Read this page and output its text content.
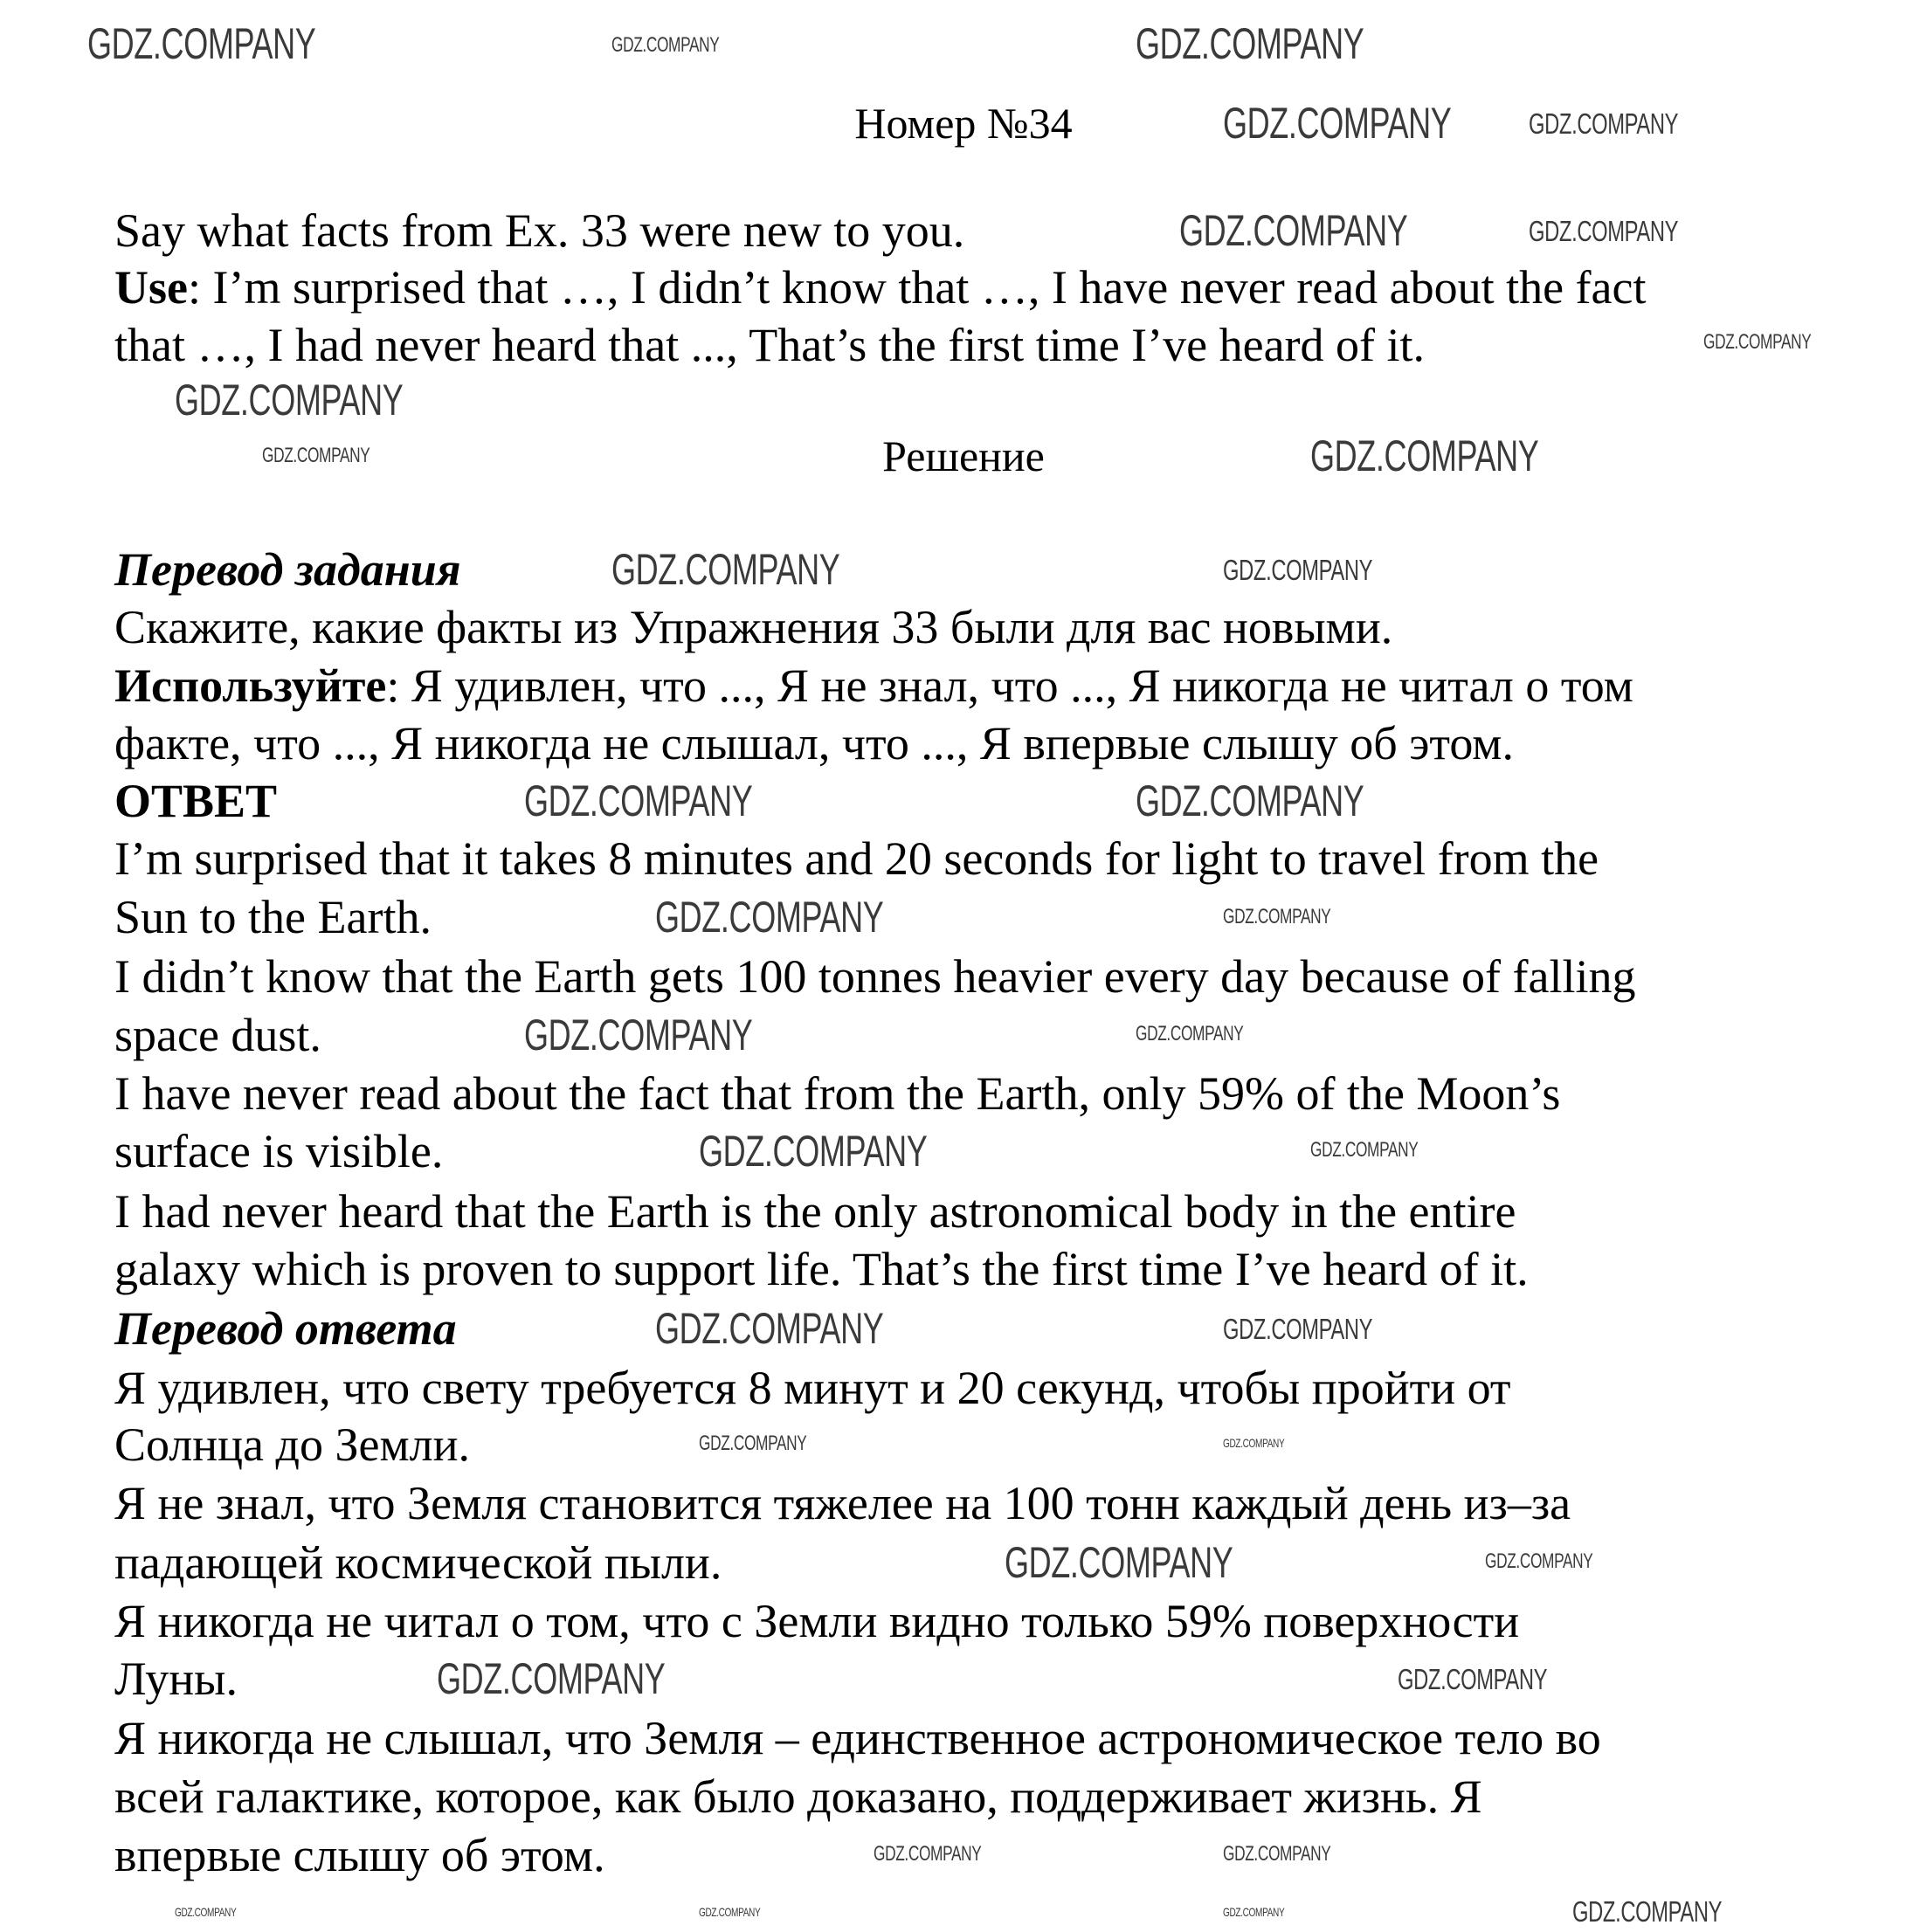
Номер №34
Say what facts from Ex. 33 were new to you.
Use: I’m surprised that …, I didn’t know that …, I have never read about the fact
that …, I had never heard that ..., That’s the first time I’ve heard of it.
Решение
Перевод задания
Скажите, какие факты из Упражнения 33 были для вас новыми.
Используйте: Я удивлен, что ..., Я не знал, что ..., Я никогда не читал о том
факте, что ..., Я никогда не слышал, что ..., Я впервые слышу об этом.
ОТВЕТ
I’m surprised that it takes 8 minutes and 20 seconds for light to travel from the
Sun to the Earth.
I didn’t know that the Earth gets 100 tonnes heavier every day because of falling
space dust.
I have never read about the fact that from the Earth, only 59% of the Moon’s
surface is visible.
I had never heard that the Earth is the only astronomical body in the entire
galaxy which is proven to support life. That’s the first time I’ve heard of it.
Перевод ответа
Я удивлен, что свету требуется 8 минут и 20 секунд, чтобы пройти от
Солнца до Земли.
Я не знал, что Земля становится тяжелее на 100 тонн каждый день из–за
падающей космической пыли.
Я никогда не читал о том, что с Земли видно только 59% поверхности
Луны.
Я никогда не слышал, что Земля – единственное астрономическое тело во
всей галактике, которое, как было доказано, поддерживает жизнь. Я
впервые слышу об этом.
GDZ.COMPANY	GDZ.COMPANY
GDZ.COMPANY
GDZ.COMPANY
GDZ.COMPANY
GDZ.COMPANY
GDZ.COMPANY
GDZ.COMPANY	GDZ.COMPANY
GDZ.COMPANY
GDZ.COMPANY
GDZ.COMPANY
GDZ.COMPANY
GDZ.COMPANY
GDZ.COMPANY
GDZ.COMPANY
GDZ.COMPANY
GDZ.COMPANY
GDZ.COMPANY
GDZ.COMPANY
GDZ.COMPANY
GDZ.COMPANY
GDZ.COMPANY
GDZ.COMPANY
GDZ.COMPANY
GDZ.COMPANY
GDZ.COMPANY
GDZ.COMPANY
GDZ.COMPANY	GDZ.COMPANY
GDZ.COMPANY
GDZ.COMPANY	GDZ.COMPANY	GDZ.COMPANY
GDZ.COMPANY
